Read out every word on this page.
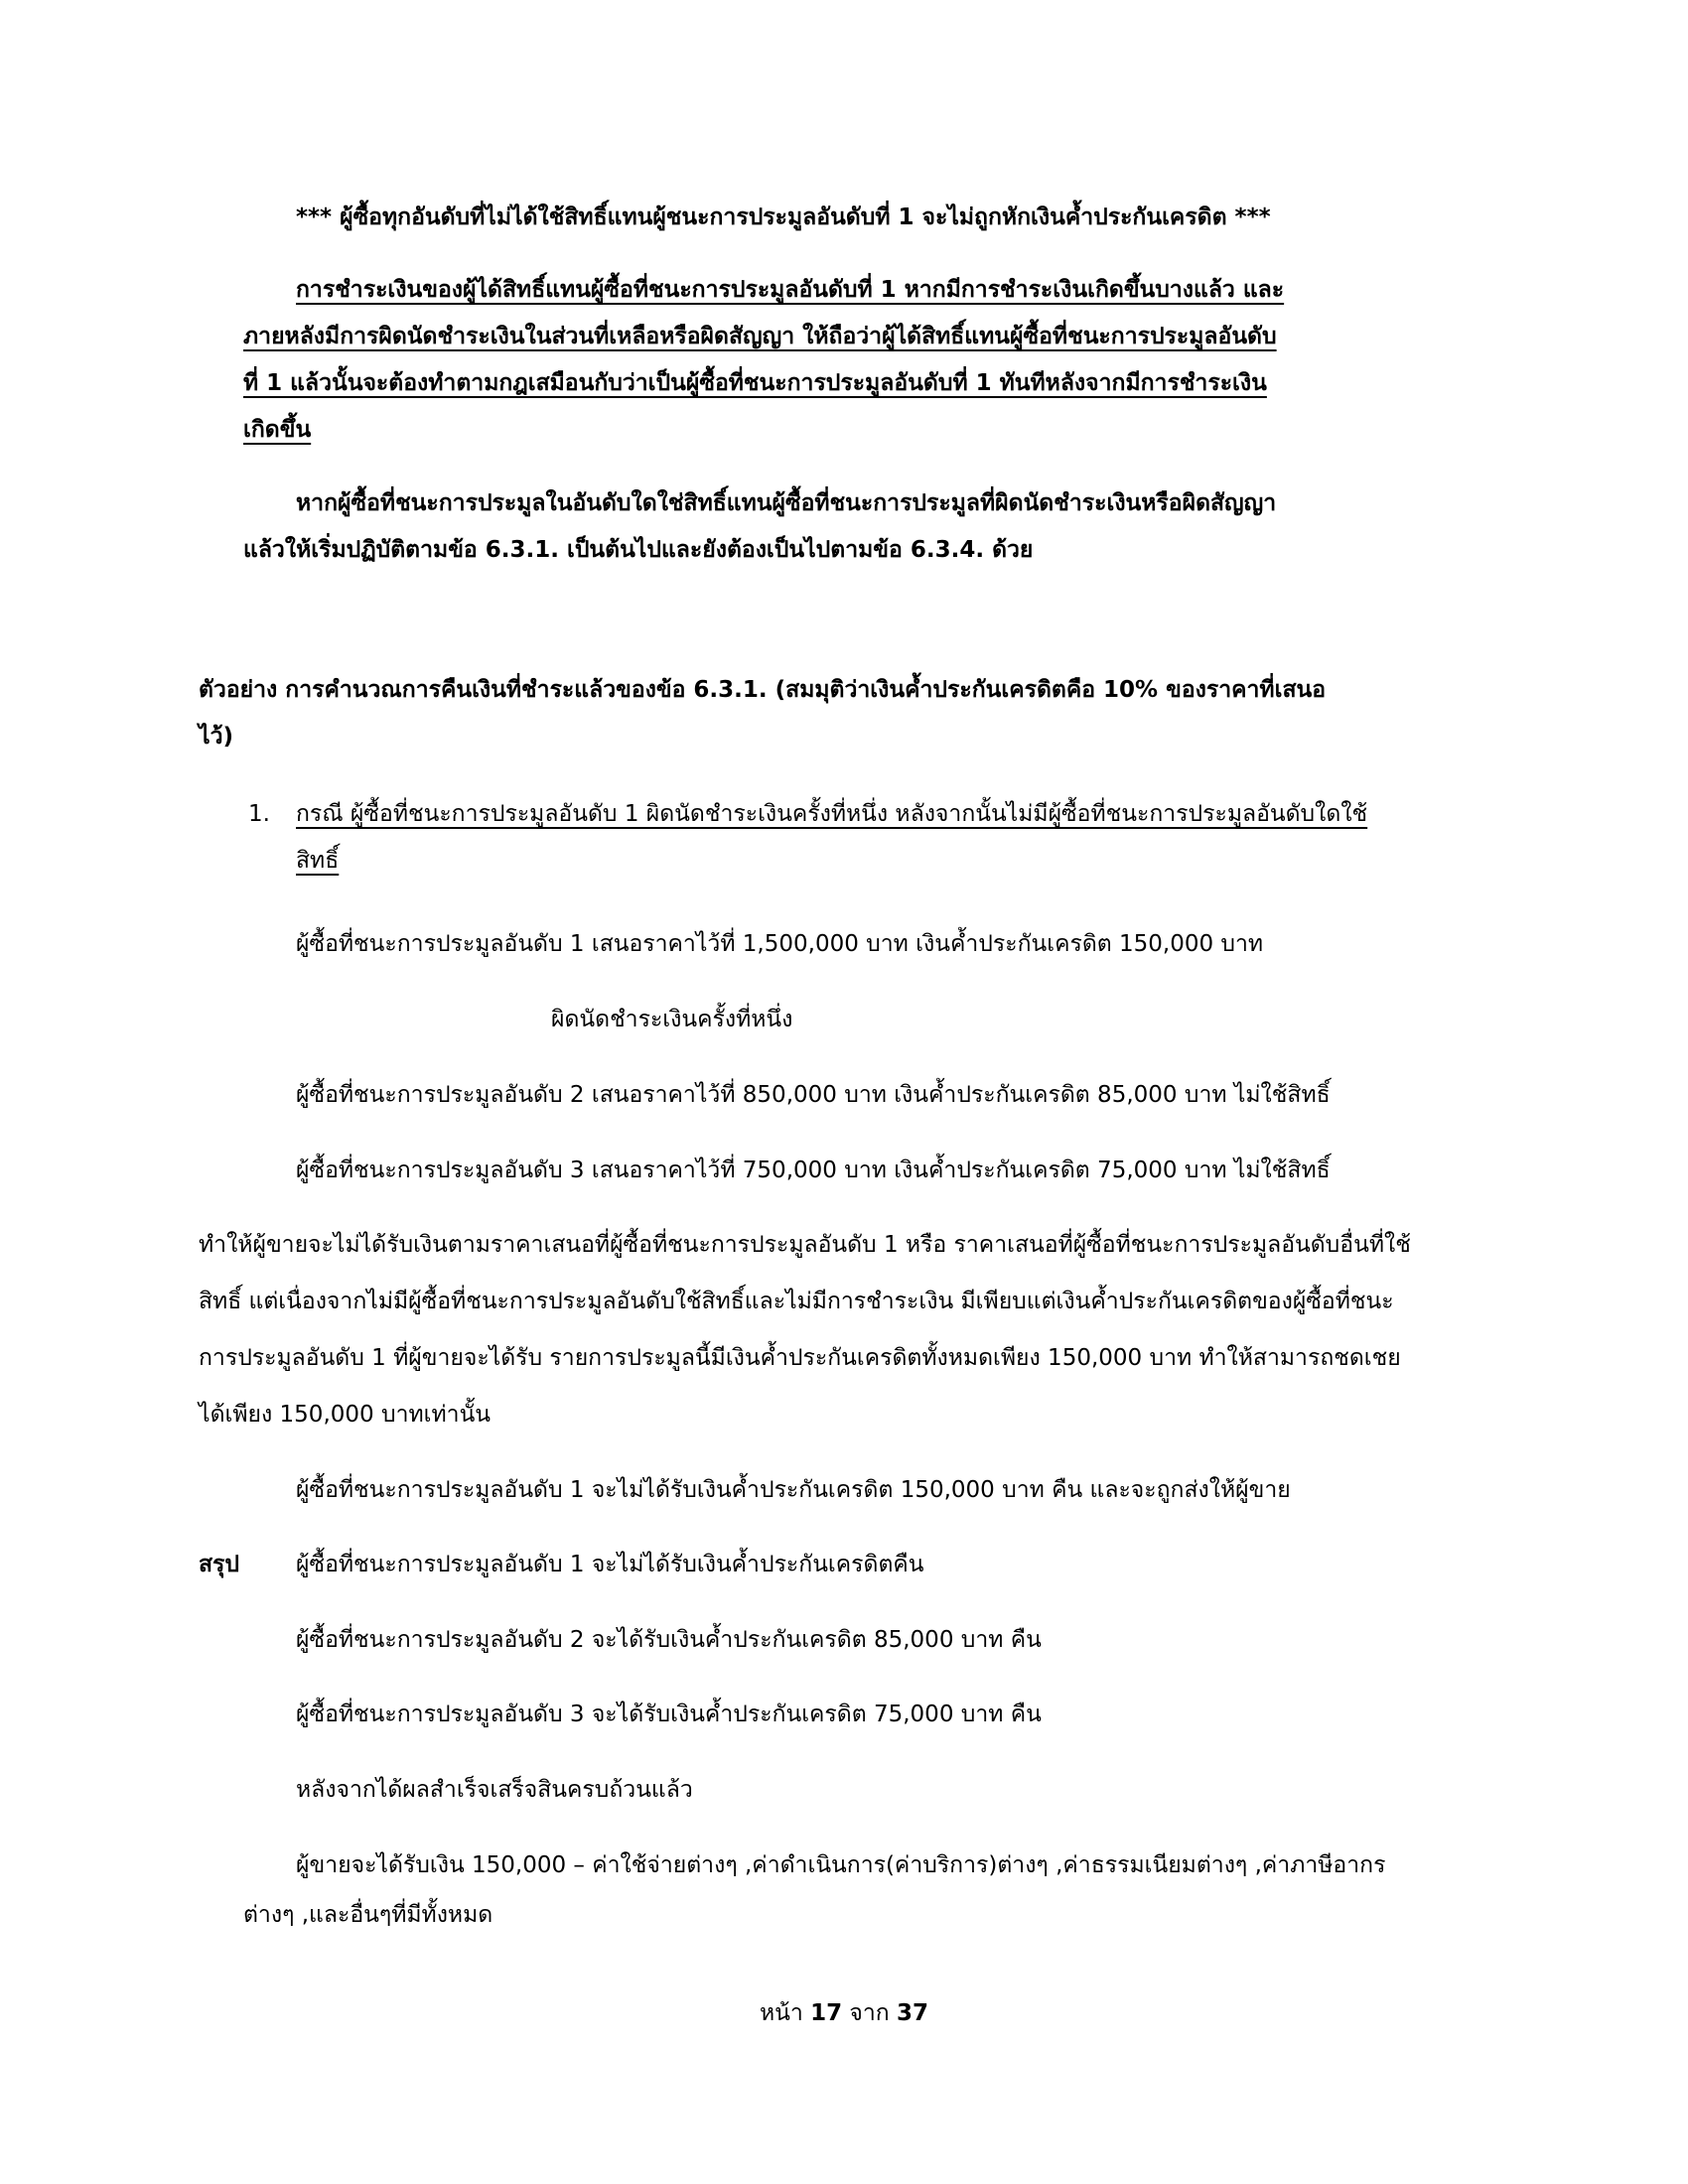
*** ผู้ซื้อทุกอันดับที่ไม่ได้ใช้สิทธิ์แทนผู้ชนะการประมูลอันดับที่ 1 จะไม่ถูกหักเงินค้ำประกันเครดิต ***
การชำระเงินของผู้ได้สิทธิ์แทนผู้ซื้อที่ชนะการประมูลอันดับที่ 1 หากมีการชำระเงินเกิดขึ้นบางแล้ว และ
ภายหลังมีการผิดนัดชำระเงินในส่วนที่เหลือหรือผิดสัญญา ให้ถือว่าผู้ได้สิทธิ์แทนผู้ซื้อที่ชนะการประมูลอันดับ
ที่ 1 แล้วนั้นจะต้องทำตามกฎเสมือนกับว่าเป็นผู้ซื้อที่ชนะการประมูลอันดับที่ 1 ทันทีหลังจากมีการชำระเงิน
เกิดขึ้น
หากผู้ซื้อที่ชนะการประมูลในอันดับใดใช่สิทธิ์แทนผู้ซื้อที่ชนะการประมูลที่ผิดนัดชำระเงินหรือผิดสัญญา
แล้วให้เริ่มปฏิบัติตามข้อ 6.3.1. เป็นต้นไปและยังต้องเป็นไปตามข้อ 6.3.4. ด้วย
ตัวอย่าง การคำนวณการคืนเงินที่ชำระแล้วของข้อ 6.3.1. (สมมุติว่าเงินค้ำประกันเครดิตคือ 10% ของราคาที่เสนอ
ไว้)
1. กรณี ผู้ซื้อที่ชนะการประมูลอันดับ 1 ผิดนัดชำระเงินครั้งที่หนึ่ง หลังจากนั้นไม่มีผู้ซื้อที่ชนะการประมูลอันดับใดใช้
สิทธิ์
ผู้ซื้อที่ชนะการประมูลอันดับ 1 เสนอราคาไว้ที่ 1,500,000 บาท เงินค้ำประกันเครดิต 150,000 บาท
ผิดนัดชำระเงินครั้งที่หนึ่ง
ผู้ซื้อที่ชนะการประมูลอันดับ 2 เสนอราคาไว้ที่ 850,000 บาท เงินค้ำประกันเครดิต 85,000 บาท ไม่ใช้สิทธิ์
ผู้ซื้อที่ชนะการประมูลอันดับ 3 เสนอราคาไว้ที่ 750,000 บาท เงินค้ำประกันเครดิต 75,000 บาท ไม่ใช้สิทธิ์
ทำให้ผู้ขายจะไม่ได้รับเงินตามราคาเสนอที่ผู้ซื้อที่ชนะการประมูลอันดับ 1 หรือ ราคาเสนอที่ผู้ซื้อที่ชนะการประมูลอันดับอื่นที่ใช้
สิทธิ์ แต่เนื่องจากไม่มีผู้ซื้อที่ชนะการประมูลอันดับใช้สิทธิ์และไม่มีการชำระเงิน มีเพียบแต่เงินค้ำประกันเครดิตของผู้ซื้อที่ชนะ
การประมูลอันดับ 1 ที่ผู้ขายจะได้รับ รายการประมูลนี้มีเงินค้ำประกันเครดิตทั้งหมดเพียง 150,000 บาท ทำให้สามารถชดเชย
ได้เพียง 150,000 บาทเท่านั้น
ผู้ซื้อที่ชนะการประมูลอันดับ 1 จะไม่ได้รับเงินค้ำประกันเครดิต 150,000 บาท คืน และจะถูกส่งให้ผู้ขาย
สรุป ผู้ซื้อที่ชนะการประมูลอันดับ 1 จะไม่ได้รับเงินค้ำประกันเครดิตคืน
ผู้ซื้อที่ชนะการประมูลอันดับ 2 จะได้รับเงินค้ำประกันเครดิต 85,000 บาท คืน
ผู้ซื้อที่ชนะการประมูลอันดับ 3 จะได้รับเงินค้ำประกันเครดิต 75,000 บาท คืน
หลังจากได้ผลสำเร็จเสร็จสินครบถ้วนแล้ว
ผู้ขายจะได้รับเงิน 150,000 – ค่าใช้จ่ายต่างๆ ,ค่าดำเนินการ(ค่าบริการ)ต่างๆ ,ค่าธรรมเนียมต่างๆ ,ค่าภาษีอากร
ต่างๆ ,และอื่นๆที่มีทั้งหมด
หน้า 17 จาก 37
